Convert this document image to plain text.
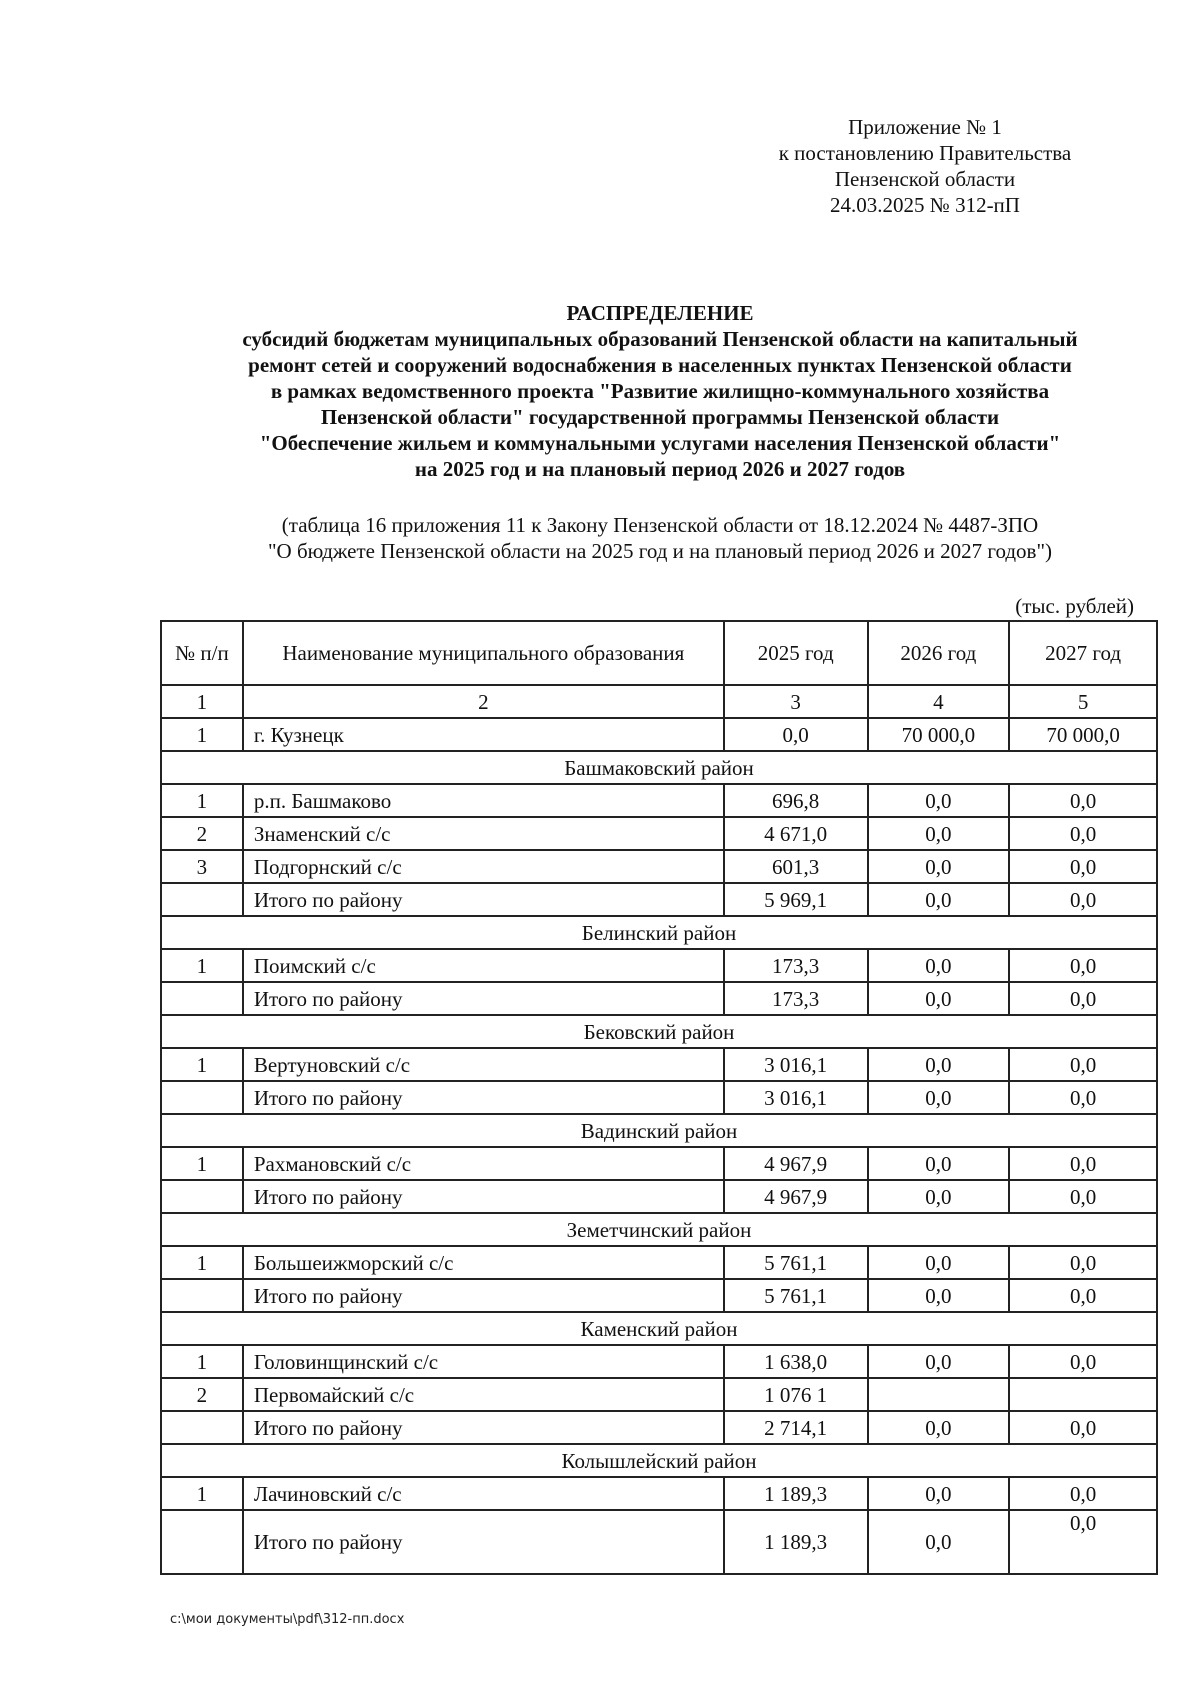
Приложение № 1
к постановлению Правительства
Пензенской области
24.03.2025 № 312-пП
РАСПРЕДЕЛЕНИЕ
субсидий бюджетам муниципальных образований Пензенской области на капитальный
ремонт сетей и сооружений водоснабжения в населенных пунктах Пензенской области
в рамках ведомственного проекта "Развитие жилищно-коммунального хозяйства
Пензенской области" государственной программы Пензенской области
"Обеспечение жильем и коммунальными услугами населения Пензенской области"
на 2025 год и на плановый период 2026 и 2027 годов
(таблица 16 приложения 11 к Закону Пензенской области от 18.12.2024 № 4487-ЗПО
"О бюджете Пензенской области на 2025 год и на плановый период 2026 и 2027 годов")
(тыс. рублей)
№ п/п	Наименование муниципального образования	2025 год	2026 год	2027 год
1	2	3	4	5
1	г. Кузнецк	0,0	70 000,0	70 000,0
Башмаковский район				
1	р.п. Башмаково	696,8	0,0	0,0
2	Знаменский с/с	4 671,0	0,0	0,0
3	Подгорнский с/с	601,3	0,0	0,0
	Итого по району	5 969,1	0,0	0,0
Белинский район				
1	Поимский с/с	173,3	0,0	0,0
	Итого по району	173,3	0,0	0,0
Бековский район				
1	Вертуновский с/с	3 016,1	0,0	0,0
	Итого по району	3 016,1	0,0	0,0
Вадинский район				
1	Рахмановский с/с	4 967,9	0,0	0,0
	Итого по району	4 967,9	0,0	0,0
Земетчинский район				
1	Большеижморский с/с	5 761,1	0,0	0,0
	Итого по району	5 761,1	0,0	0,0
Каменский район				
1	Головинщинский с/с	1 638,0	0,0	0,0
2	Первомайский с/с	1 076 1		
	Итого по району	2 714,1	0,0	0,0
Колышлейский район				
1	Лачиновский с/с	1 189,3	0,0	0,0
	Итого по району	1 189,3	0,0	0,0
c:\мои документы\pdf\312-пп.docx
